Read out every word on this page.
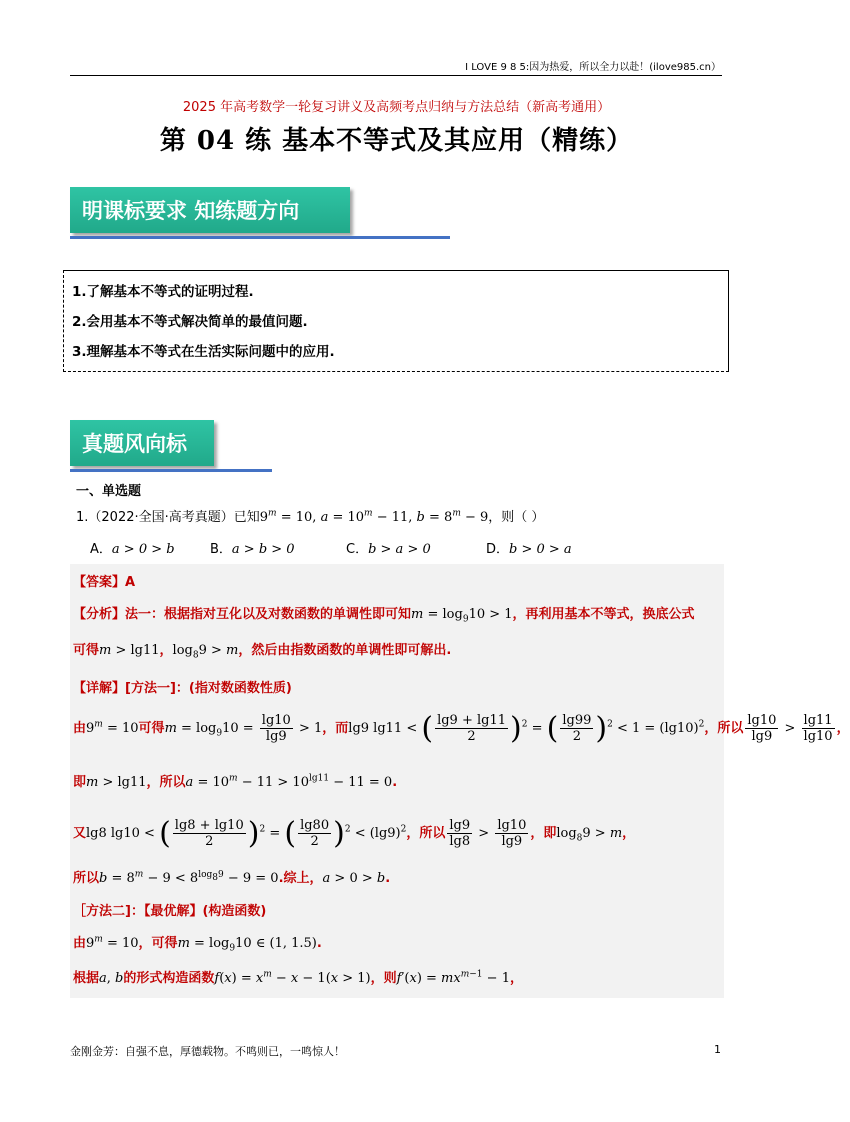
I LOVE 9 8 5:因为热爱，所以全力以赴！(ilove985.cn）
2025 年高考数学一轮复习讲义及高频考点归纳与方法总结（新高考通用）
第 04 练 基本不等式及其应用（精练）
明课标要求 知练题方向
1.了解基本不等式的证明过程.
2.会用基本不等式解决简单的最值问题.
3.理解基本不等式在生活实际问题中的应用.
真题风向标
一、单选题
1.（2022·全国·高考真题）已知$9^m = 10$, $a = 10^m - 11$, $b = 8^m - 9$，则（ ）
A．a > 0 > b	B．a > b > 0	C．b > a > 0	D．b > 0 > a
【答案】A
【分析】法一：根据指对互化以及对数函数的单调性即可知$m = \log_910 > 1$，再利用基本不等式，换底公式
可得m > lg11，$\log_89 > m$，然后由指数函数的单调性即可解出.
【详解】[方法一]：(指对数函数性质)
由$9^m = 10$可得$m = \log_910 = \frac{\lg 10}{\lg 9} > 1$，而lg9 lg11 < ( $\frac{\lg 9 + \lg 11}{2} )^2$ = ( $\frac{\lg 99}{2} )^2 < 1 = (\lg 10)^2$，所以 $\frac{\lg 10}{\lg 9} > \frac{\lg 11}{\lg 10}$ ，
即m > lg11，所以$a = 10^m - 11 > 10^{lg11} - 11 = 0$.
又lg8 lg10 < ( $\frac{\lg 8 + \lg 10}{2} )^2$ = ( $\frac{\lg 80}{2} )^2 < (\lg 9)^2$，所以 $\frac{\lg 9}{\lg 8} > \frac{\lg 10}{\lg 9}$ ，即$\log_89 > m$，
所以$b = 8^m - 9 < 8^{log_89} - 9 = 0$.综上，a > 0 > b.
［方法二]：【最优解】(构造函数)
由$9^m = 10$，可得$m = \log_910$ ∈ (1, 1.5).
根据a, b的形式构造函数$f(x) = x^m - x - 1(x > 1)$，则$f'(x) = mx^{m-1} - 1$，
金刚金芳：自强不息，厚德载物。不鸣则已，一鸣惊人！	1
